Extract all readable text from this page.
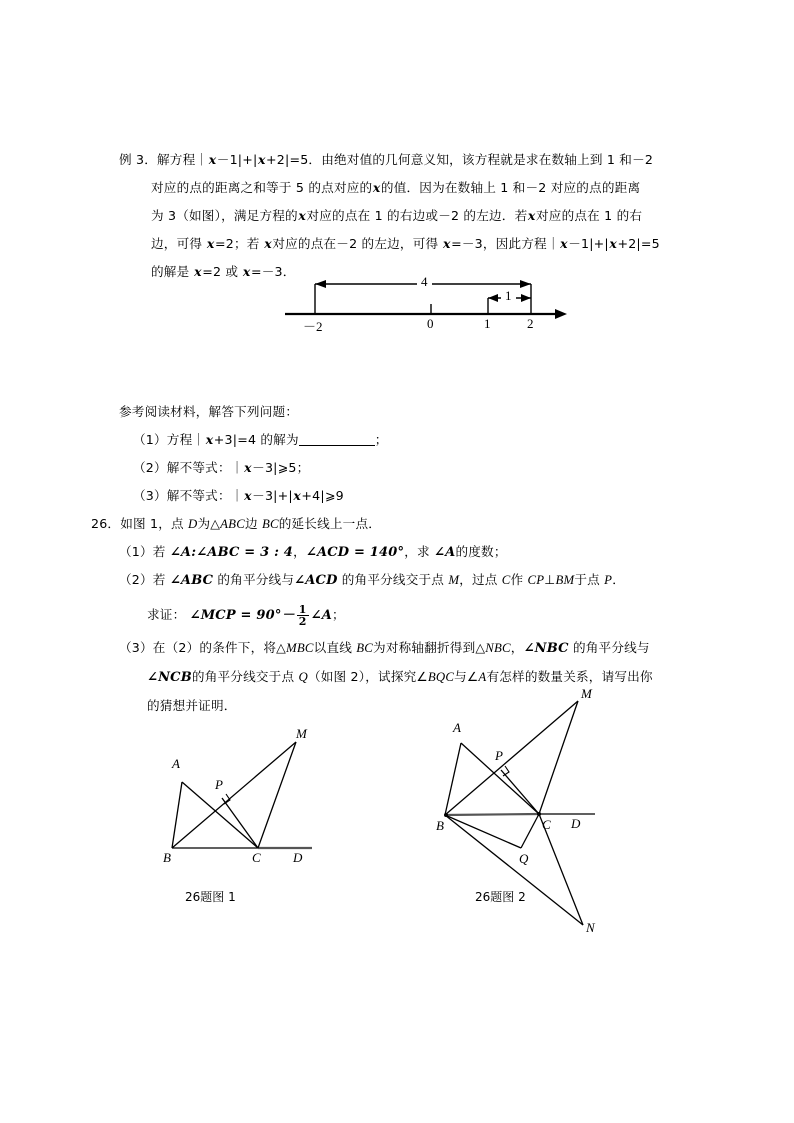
例 3．解方程｜x－1|+|x+2|=5．由绝对值的几何意义知，该方程就是求在数轴上到 1 和－2
对应的点的距离之和等于 5 的点对应的x的值．因为在数轴上 1 和－2 对应的点的距离
为 3（如图），满足方程的x对应的点在 1 的右边或－2 的左边．若x对应的点在 1 的右
边，可得 x=2；若 x对应的点在－2 的左边，可得 x=－3，因此方程｜x－1|+|x+2|=5
的解是 x=2 或 x=－3．
4
1
－2	0	1	2
参考阅读材料，解答下列问题：
（1）方程｜x+3|=4 的解为	；
（2）解不等式：｜x－3|⩾5；
（3）解不等式：｜x－3|+|x+4|⩾9
26．如图 1，点 D为△ABC边 BC的延长线上一点．
（1）若 ∠A:∠ABC = 3 : 4，∠ACD = 140°，求 ∠A的度数；
（2）若 ∠ABC 的角平分线与∠ACD 的角平分线交于点 M，过点 C作 CP⊥BM于点 P．
求证： ∠MCP = $90^\circ- \frac{1}{2}$ ∠A；
（3）在（2）的条件下，将△MBC以直线 BC为对称轴翻折得到△NBC，∠NBC 的角平分线与
∠NCB的角平分线交于点 Q（如图 2），试探究∠BQC与∠A有怎样的数量关系，请写出你
的猜想并证明．
A
B	C D
M
P
26题图 1
A
B	C D
M
N
P
Q
26题图 2
